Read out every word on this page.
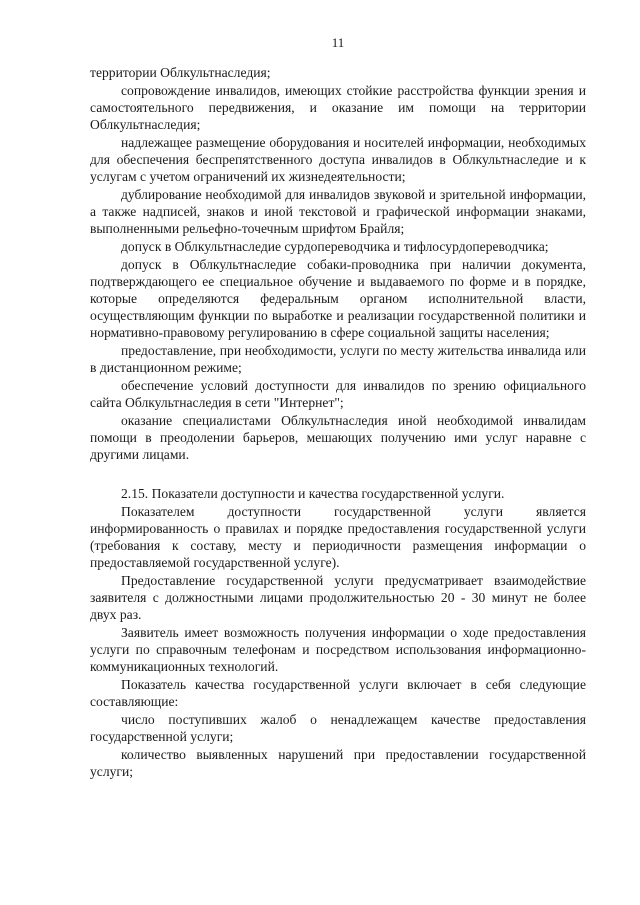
11

территории Облкультнаследия;

сопровождение инвалидов, имеющих стойкие расстройства функции зрения и самостоятельного передвижения, и оказание им помощи на территории Облкультнаследия;

надлежащее размещение оборудования и носителей информации, необходимых для обеспечения беспрепятственного доступа инвалидов в Облкультнаследие и к услугам с учетом ограничений их жизнедеятельности;

дублирование необходимой для инвалидов звуковой и зрительной информации, а также надписей, знаков и иной текстовой и графической информации знаками, выполненными рельефно-точечным шрифтом Брайля;

допуск в Облкультнаследие сурдопереводчика и тифлосурдопереводчика;

допуск в Облкультнаследие собаки-проводника при наличии документа, подтверждающего ее специальное обучение и выдаваемого по форме и в порядке, которые определяются федеральным органом исполнительной власти, осуществляющим функции по выработке и реализации государственной политики и нормативно-правовому регулированию в сфере социальной защиты населения;

предоставление, при необходимости, услуги по месту жительства инвалида или в дистанционном режиме;

обеспечение условий доступности для инвалидов по зрению официального сайта Облкультнаследия в сети "Интернет";

оказание специалистами Облкультнаследия иной необходимой инвалидам помощи в преодолении барьеров, мешающих получению ими услуг наравне с другими лицами.

2.15. Показатели доступности и качества государственной услуги.

Показателем доступности государственной услуги является информированность о правилах и порядке предоставления государственной услуги (требования к составу, месту и периодичности размещения информации о предоставляемой государственной услуге).

Предоставление государственной услуги предусматривает взаимодействие заявителя с должностными лицами продолжительностью 20 - 30 минут не более двух раз.

Заявитель имеет возможность получения информации о ходе предоставления услуги по справочным телефонам и посредством использования информационно-коммуникационных технологий.

Показатель качества государственной услуги включает в себя следующие составляющие:

число поступивших жалоб о ненадлежащем качестве предоставления государственной услуги;

количество выявленных нарушений при предоставлении государственной услуги;
